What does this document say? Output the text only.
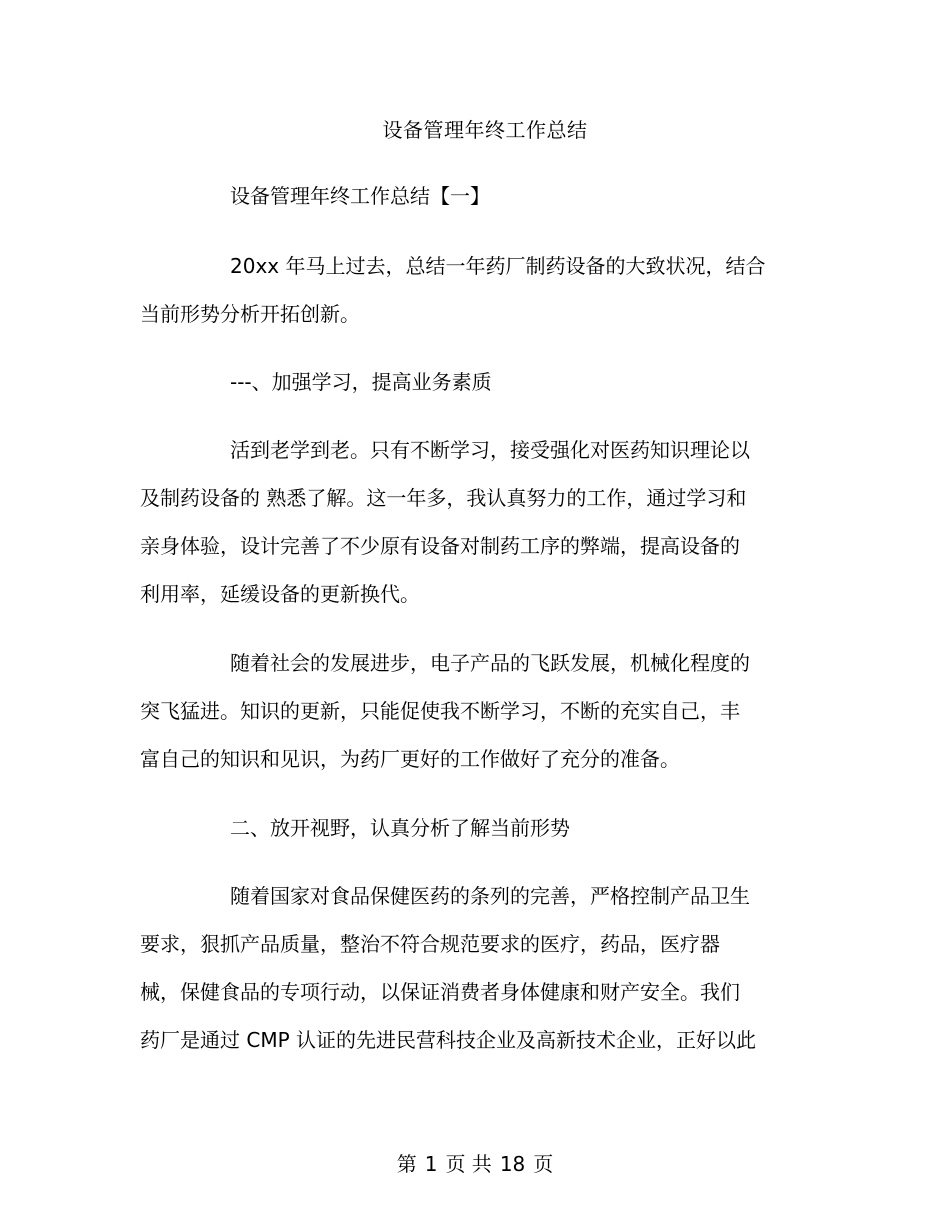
设备管理年终工作总结
设备管理年终工作总结【一】
20xx 年马上过去，总结一年药厂制药设备的大致状况，结合
当前形势分析开拓创新。
---、加强学习，提高业务素质
活到老学到老。只有不断学习，接受强化对医药知识理论以
及制药设备的 熟悉了解。这一年多，我认真努力的工作，通过学习和
亲身体验，设计完善了不少原有设备对制药工序的弊端，提高设备的
利用率，延缓设备的更新换代。
随着社会的发展进步，电子产品的飞跃发展，机械化程度的
突飞猛进。知识的更新，只能促使我不断学习，不断的充实自己，丰
富自己的知识和见识，为药厂更好的工作做好了充分的准备。
二、放开视野，认真分析了解当前形势
随着国家对食品保健医药的条列的完善，严格控制产品卫生
要求，狠抓产品质量，整治不符合规范要求的医疗，药品，医疗器
械，保健食品的专项行动，以保证消费者身体健康和财产安全。我们
药厂是通过 CMP 认证的先进民营科技企业及高新技术企业，正好以此
第 1 页 共 18 页
